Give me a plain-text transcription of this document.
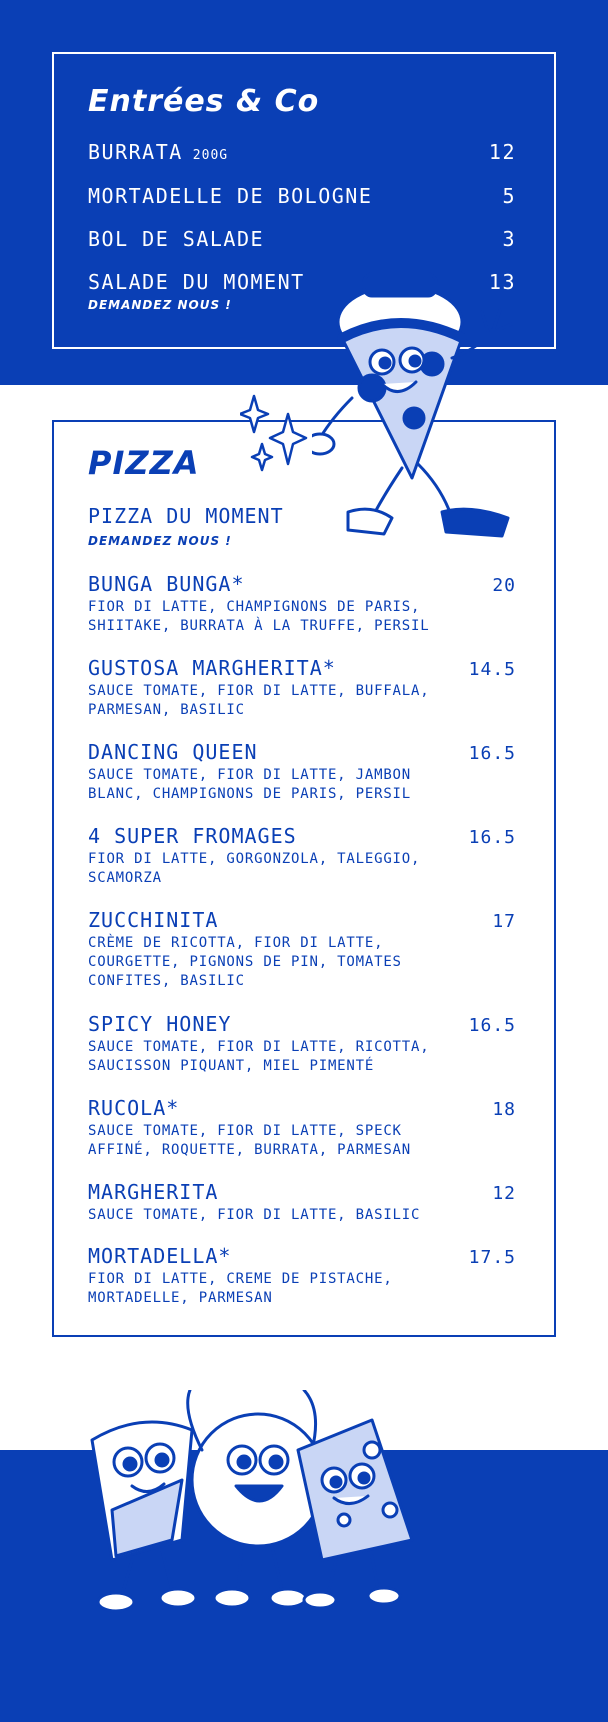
Entrées & Co
BURRATA 200G	12
MORTADELLE DE BOLOGNE	5
BOL DE SALADE	3
SALADE DU MOMENT	13
DEMANDEZ NOUS !
PIZZA
PIZZA DU MOMENT
DEMANDEZ NOUS !
BUNGA BUNGA*	20
FIOR DI LATTE, CHAMPIGNONS DE PARIS,
SHIITAKE, BURRATA À LA TRUFFE, PERSIL
GUSTOSA MARGHERITA*	14.5
SAUCE TOMATE, FIOR DI LATTE, BUFFALA,
PARMESAN, BASILIC
DANCING QUEEN	16.5
SAUCE TOMATE, FIOR DI LATTE, JAMBON
BLANC, CHAMPIGNONS DE PARIS, PERSIL
4 SUPER FROMAGES	16.5
FIOR DI LATTE, GORGONZOLA, TALEGGIO,
SCAMORZA
ZUCCHINITA	17
CRÈME DE RICOTTA, FIOR DI LATTE,
COURGETTE, PIGNONS DE PIN, TOMATES
CONFITES, BASILIC
SPICY HONEY	16.5
SAUCE TOMATE, FIOR DI LATTE, RICOTTA,
SAUCISSON PIQUANT, MIEL PIMENTÉ
RUCOLA*	18
SAUCE TOMATE, FIOR DI LATTE, SPECK
AFFINÉ, ROQUETTE, BURRATA, PARMESAN
MARGHERITA	12
SAUCE TOMATE, FIOR DI LATTE, BASILIC
MORTADELLA*	17.5
FIOR DI LATTE, CREME DE PISTACHE,
MORTADELLE, PARMESAN
